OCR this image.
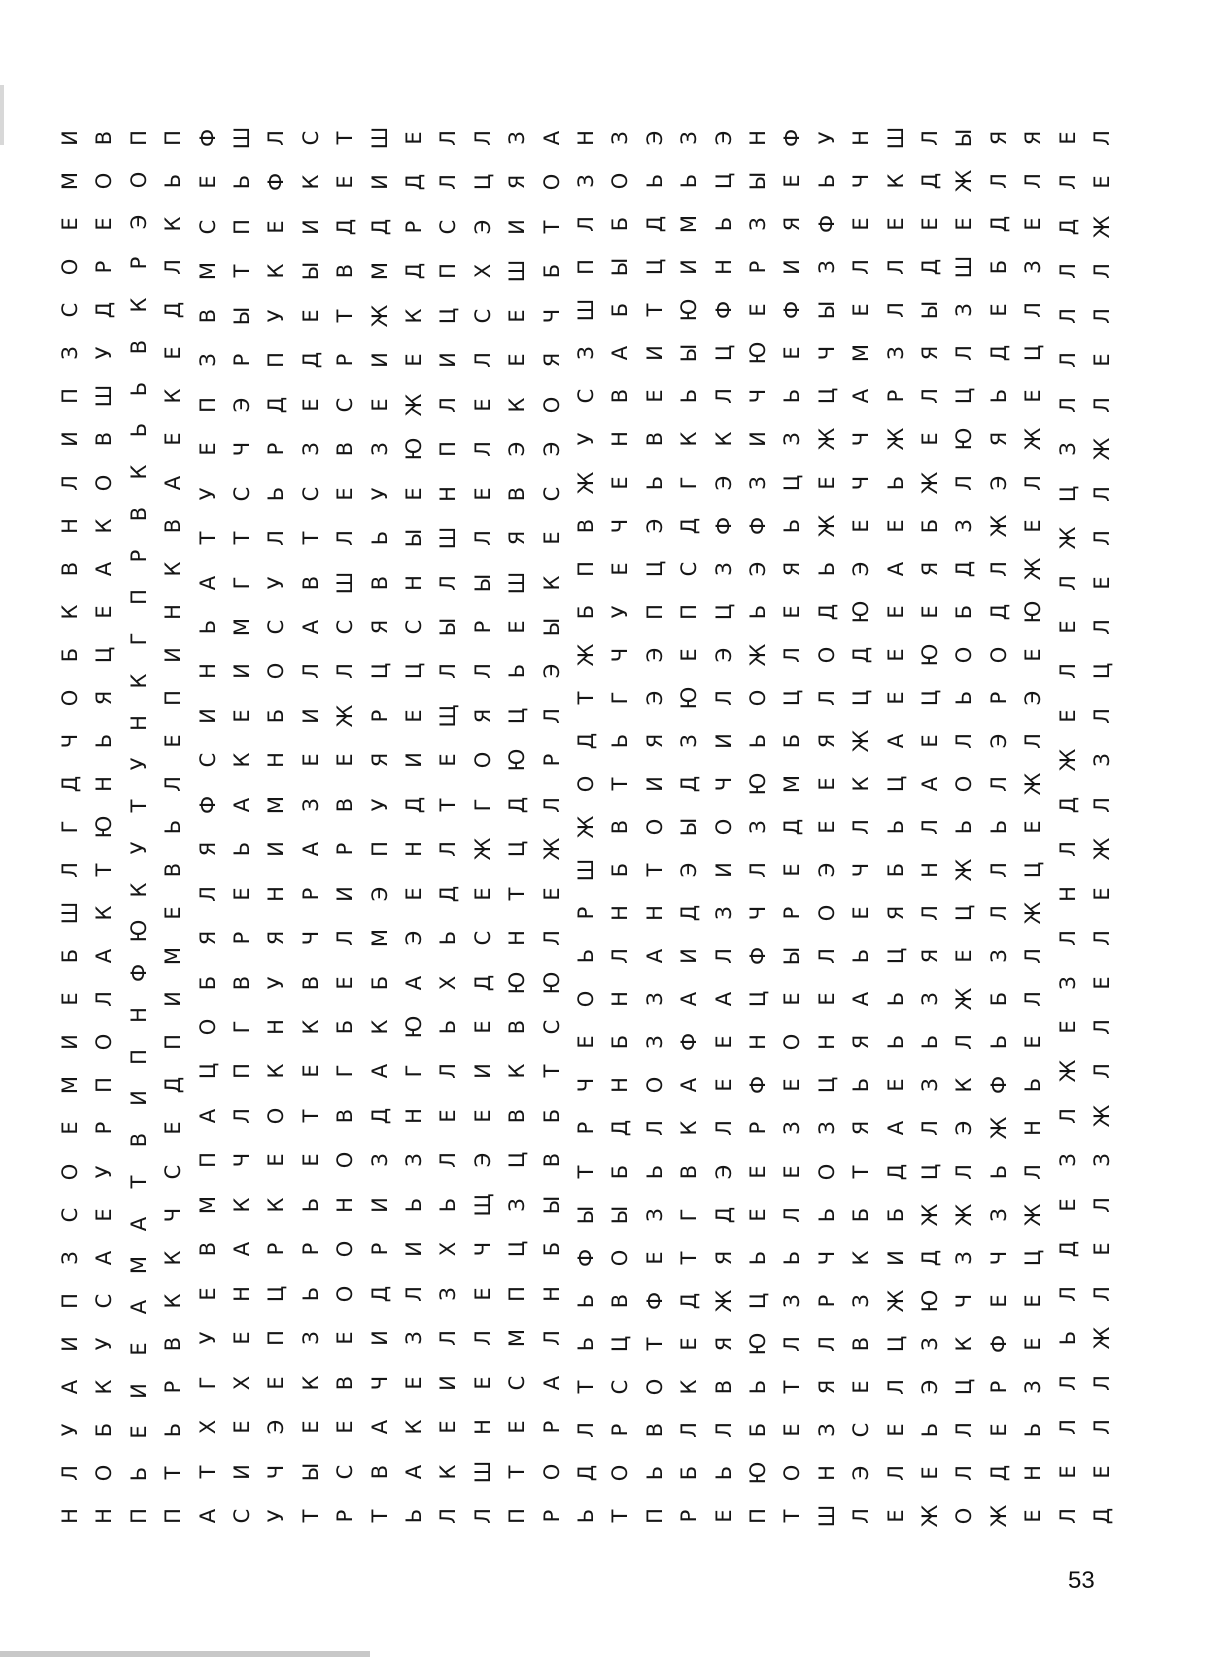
Н
Л
У
А
И
П
З
С
О
Е
М
И
Е
Б
Ш
Л
Г
Д
Ч
О
Б
К
В
Н
Л
И
П
З
С
О
Е
М
И
Н
О
Б
К
У
С
А
Е
У
Р
П
О
Л
А
К
Т
Ю
Н
Ь
Я
Ц
Е
А
К
О
В
Ш
У
Д
Р
Е
О
В
П
Ь
Е
И
Е
А
М
А
Т
В
И
П
Н
Ф
Ю
К
У
Т
У
Н
К
Г
П
Р
В
К
Ь
Ь
В
К
Р
Э
О
П
П
Т
Ь
Р
В
К
К
Ч
С
Е
Д
П
И
М
Е
В
Ь
Л
Е
П
И
Н
К
В
А
Е
К
Е
Д
Л
К
Ь
П
А
Т
Х
Г
У
Е
В
М
П
А
Ц
О
Б
Я
Л
Я
Ф
С
И
Н
Ь
А
Т
У
Е
П
З
В
М
С
Е
Ф
С
И
Е
Х
Е
Н
А
К
Ч
Л
П
Г
В
Р
Е
Ь
А
К
Е
И
М
Г
Т
С
Ч
Э
Р
Ы
Т
П
Ь
Ш
У
Ч
Э
Е
П
Ц
Р
К
Е
О
К
Н
У
Я
Н
И
М
Н
Б
О
С
У
Л
Ь
Р
Д
П
У
К
Е
Ф
Л
Т
Ы
Е
К
З
Ь
Р
Ь
Е
Т
Е
К
В
Ч
Р
А
З
Е
И
Л
А
В
Т
С
З
Е
Д
Е
Ы
И
К
С
Р
С
Е
В
Е
О
О
Н
О
В
Г
Б
Е
Л
И
Р
В
Е
Ж
Л
С
Ш
Л
Е
В
С
Р
Т
В
Д
Е
Т
Т
В
А
Ч
И
Д
Р
И
З
Д
А
К
Б
М
Э
П
У
Я
Р
Ц
Я
В
Ь
У
З
Е
И
Ж
М
Д
И
Ш
Ь
А
К
Е
З
Л
И
Ь
З
Н
Г
Ю
А
Э
Е
Н
Д
И
Е
Ц
С
Н
Ы
Е
Ю
Ж
Е
К
Д
Р
Д
Е
Л
К
Е
И
Л
З
Х
Ь
Л
Е
Л
Ь
Х
Ь
Д
Л
Т
Е
Щ
Л
Ы
Л
Ш
Н
П
Л
И
Ц
П
С
Л
Л
Л
Ш
Н
Е
Л
Е
Ч
Щ
Э
Е
И
Е
Д
С
Е
Ж
Г
О
Я
Л
Р
Ы
Л
Е
Л
Е
Л
С
Х
Э
Ц
Л
П
Т
Е
С
М
П
Ц
З
Ц
В
К
В
Ю
Н
Т
Ц
Д
Ю
Ц
Ь
Е
Ш
Я
В
Э
К
Е
Е
Ш
И
Я
З
Р
О
Р
А
Л
Н
Б
Ы
В
Б
Т
С
Ю
Л
Е
Ж
Л
Р
Л
Э
Ы
К
Е
С
Э
О
Я
Ч
Б
Т
О
А
Ь
Д
Л
Т
Ь
Ь
Ф
Ы
Т
Р
Ч
Е
О
Ь
Р
Ш
Ж
О
Д
Т
Ж
Б
П
В
Ж
У
С
З
Ш
П
Л
З
Н
Т
О
Р
С
Ц
В
О
Ы
Б
Д
Н
Б
Н
Л
Н
Б
В
Т
Ь
Г
Ч
У
Е
Ч
Е
Н
В
А
Б
Ы
Б
О
З
П
Ь
В
О
Т
Ф
Е
З
Ь
Л
О
З
З
А
Н
Т
О
И
Я
Э
Э
П
Ц
Э
Ь
В
Е
И
Т
Ц
Д
Ь
Э
Р
Б
Л
К
Е
Д
Т
Г
В
К
А
Ф
А
И
Д
Э
Ы
Д
З
Ю
Е
П
С
Д
Г
К
Ь
Ы
Ю
И
М
Ь
З
Е
Ь
Л
В
Я
Ж
Я
Д
Э
Л
Е
Е
А
Л
З
И
О
Ч
И
Л
Э
Ц
З
Ф
Э
К
Л
Ц
Ф
Н
Ь
Ц
Э
П
Ю
Б
Ь
Ю
Ц
Ь
Е
Е
Р
Ф
Н
Ц
Ф
Ч
Л
З
Ю
Ь
О
Ж
Ь
Э
Ф
З
И
Ч
Ю
Е
Р
З
Ы
Н
Т
О
Е
Т
Л
З
Ь
Л
Е
З
Е
О
Е
Ы
Р
Е
Д
М
Б
Ц
Л
Е
Я
Ь
Ц
З
Ь
Е
Ф
И
Я
Е
Ф
Ш
Н
З
Я
Л
Р
Ч
Ь
О
З
Ц
Н
Е
Л
О
Э
Е
Е
Я
Л
О
Д
Ь
Ж
Е
Ж
Ц
Ч
Ы
З
Ф
Ь
У
Л
Э
С
Е
В
З
К
Б
Т
Я
Ь
Я
А
Ь
Е
Ч
Л
К
Ж
Ц
Д
Ю
Э
Е
Ч
Ч
А
М
Е
Л
Е
Ч
Н
Е
Л
Е
Л
Ц
Ж
И
Б
Д
А
Е
Ь
Ь
Ц
Я
Б
Ь
Ц
А
Е
Е
Е
А
Е
Ь
Ж
Р
З
Л
Л
Е
К
Ш
Ж
Е
Ь
Э
З
Ю
Д
Ж
Ц
Л
З
Ь
З
Я
Л
Н
Л
А
Е
Ц
Ю
Е
Я
Б
Ж
Е
Л
Я
Ы
Д
Е
Д
Л
О
Л
Л
Ц
К
Ч
З
Ж
Л
Э
К
Л
Ж
Е
Ц
Ж
Ь
О
Л
Ь
О
Б
Д
З
Л
Ю
Ц
Л
З
Ш
Е
Ж
Ы
Ж
Д
Е
Р
Ф
Е
Ч
З
Ь
Ж
Ф
Ь
Б
З
Л
Л
Ь
Л
Э
Р
О
Д
Л
Ж
Э
Я
Ь
Д
Е
Б
Д
Л
Я
Е
Н
Ь
З
Е
Е
Ц
Ж
Л
Н
Ь
Е
Л
Л
Ж
Ц
Е
Ж
Л
Э
Е
Ю
Ж
Е
Л
Ж
Е
Ц
Л
З
Е
Л
Я
Л
Е
Л
Л
Ь
Л
Д
Е
З
Л
Ж
Е
З
Л
Н
Л
Д
Ж
Е
Л
Е
Л
Ж
Ц
З
Л
Л
Л
Л
Д
Л
Е
Д
Е
Л
Л
Ж
Л
Е
Л
З
Ж
Л
Л
Е
Л
Е
Ж
Л
З
Л
Ц
Л
Е
Л
Л
Ж
Л
Е
Л
Л
Ж
Е
Л
53
